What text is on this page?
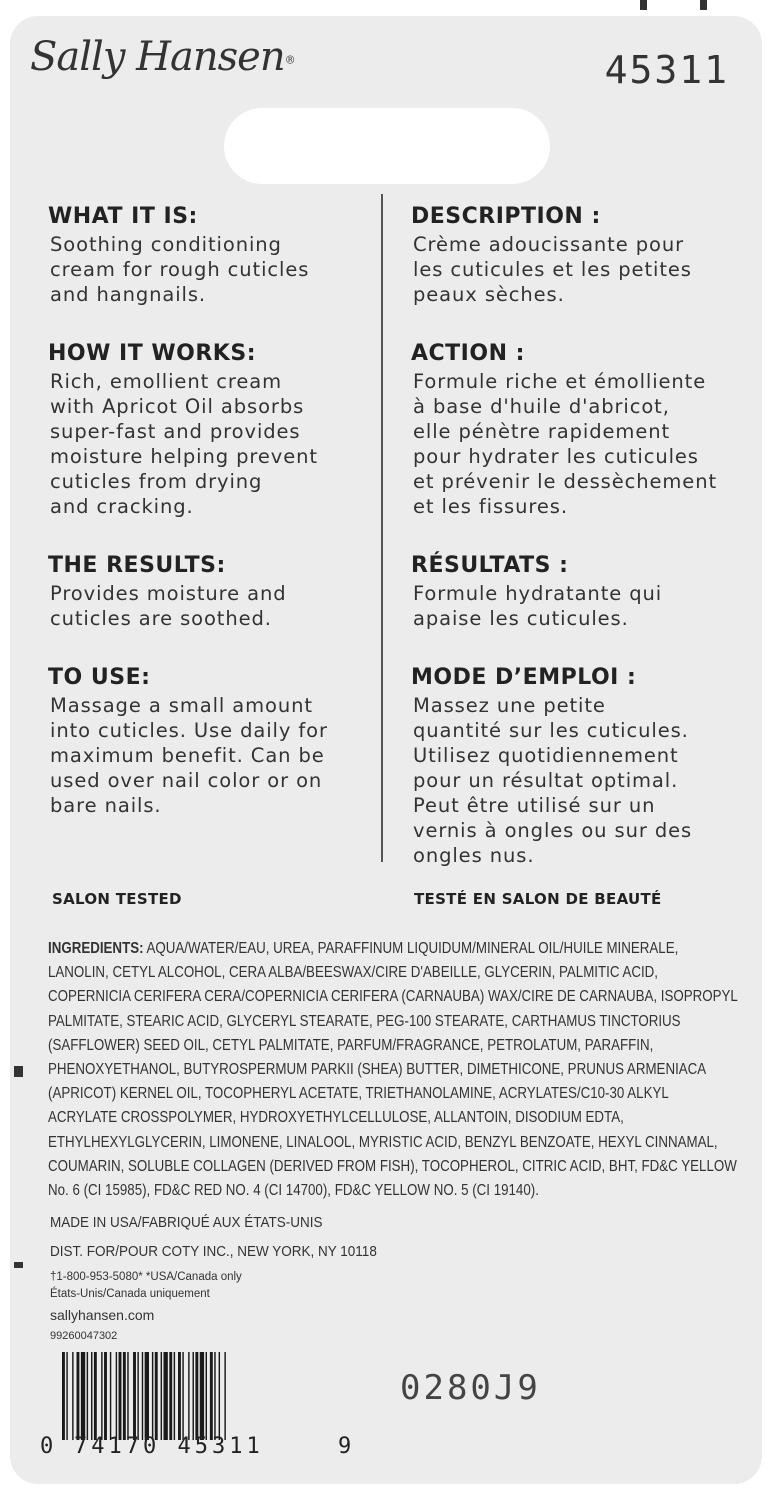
Sally Hansen®	45311
WHAT IT IS:

Soothing conditioning
cream for rough cuticles
and hangnails.

HOW IT WORKS:

Rich, emollient cream
with Apricot Oil absorbs
super-fast and provides
moisture helping prevent
cuticles from drying
and cracking.

THE RESULTS:

Provides moisture and
cuticles are soothed.

TO USE:

Massage a small amount
into cuticles. Use daily for
maximum benefit. Can be
used over nail color or on
bare nails.

DESCRIPTION :

Crème adoucissante pour
les cuticules et les petites
peaux sèches.

ACTION :

Formule riche et émolliente
à base d'huile d'abricot,
elle pénètre rapidement
pour hydrater les cuticules
et prévenir le dessèchement
et les fissures.

RÉSULTATS :

Formule hydratante qui
apaise les cuticules.

MODE D’EMPLOI :

Massez une petite
quantité sur les cuticules.
Utilisez quotidiennement
pour un résultat optimal.
Peut être utilisé sur un
vernis à ongles ou sur des
ongles nus.

SALON TESTED	TESTÉ EN SALON DE BEAUTÉ
INGREDIENTS: AQUA/WATER/EAU, UREA, PARAFFINUM LIQUIDUM/MINERAL OIL/HUILE MINERALE,
LANOLIN, CETYL ALCOHOL, CERA ALBA/BEESWAX/CIRE D'ABEILLE, GLYCERIN, PALMITIC ACID,
COPERNICIA CERIFERA CERA/COPERNICIA CERIFERA (CARNAUBA) WAX/CIRE DE CARNAUBA, ISOPROPYL
PALMITATE, STEARIC ACID, GLYCERYL STEARATE, PEG-100 STEARATE, CARTHAMUS TINCTORIUS
(SAFFLOWER) SEED OIL, CETYL PALMITATE, PARFUM/FRAGRANCE, PETROLATUM, PARAFFIN,
PHENOXYETHANOL, BUTYROSPERMUM PARKII (SHEA) BUTTER, DIMETHICONE, PRUNUS ARMENIACA
(APRICOT) KERNEL OIL, TOCOPHERYL ACETATE, TRIETHANOLAMINE, ACRYLATES/C10-30 ALKYL
ACRYLATE CROSSPOLYMER, HYDROXYETHYLCELLULOSE, ALLANTOIN, DISODIUM EDTA,
ETHYLHEXYLGLYCERIN, LIMONENE, LINALOOL, MYRISTIC ACID, BENZYL BENZOATE, HEXYL CINNAMAL,
COUMARIN, SOLUBLE COLLAGEN (DERIVED FROM FISH), TOCOPHEROL, CITRIC ACID, BHT, FD&C YELLOW
No. 6 (CI 15985), FD&C RED NO. 4 (CI 14700), FD&C YELLOW NO. 5 (CI 19140).
MADE IN USA/FABRIQUÉ AUX ÉTATS-UNIS
DIST. FOR/POUR COTY INC., NEW YORK, NY 10118
†1-800-953-5080* *USA/Canada only
États-Unis/Canada uniquement
sallyhansen.com
99260047302
0 74170 45311	9
0280J9
